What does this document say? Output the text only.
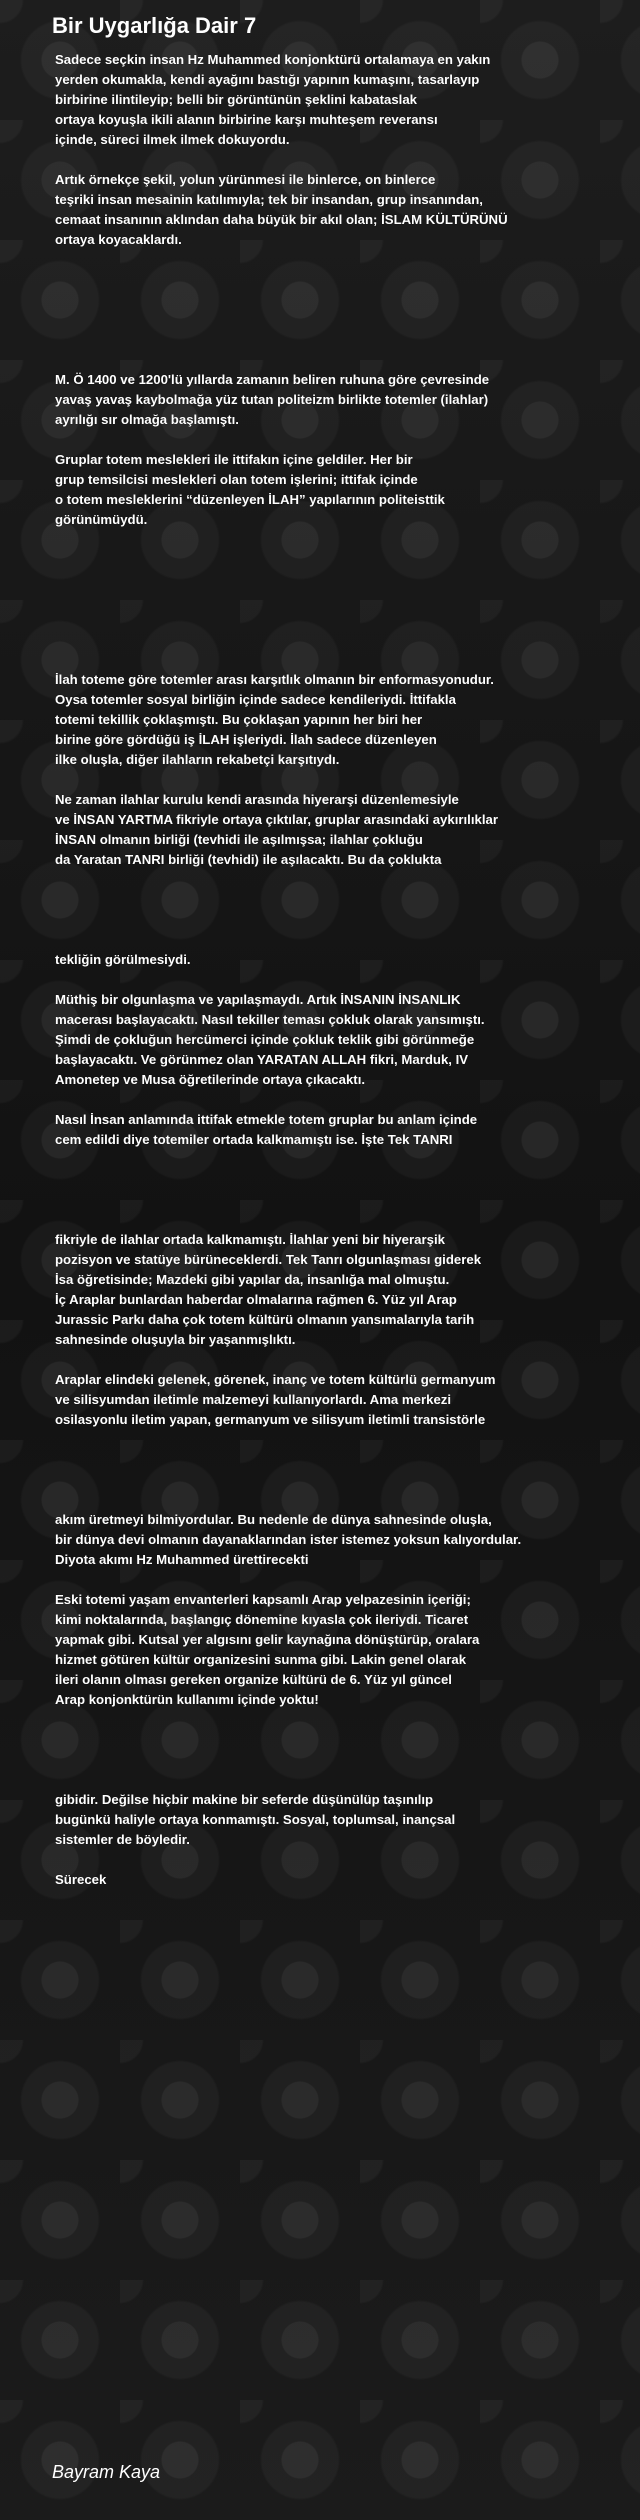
Bir Uygarlığa Dair 7
Sadece seçkin insan Hz Muhammed konjonktürü ortalamaya en yakın
yerden okumakla, kendi ayağını bastığı yapının kumaşını, tasarlayıp
birbirine ilintileyip; belli bir görüntünün şeklini kabataslak
ortaya koyuşla ikili alanın birbirine karşı muhteşem reveransı
içinde, süreci ilmek ilmek dokuyordu.
Artık örnekçe şekil, yolun yürünmesi ile binlerce, on binlerce
teşriki insan mesainin katılımıyla; tek bir insandan, grup insanından,
cemaat insanının aklından daha büyük bir akıl olan; İSLAM KÜLTÜRÜNÜ
ortaya koyacaklardı.
M. Ö 1400 ve 1200'lü yıllarda zamanın beliren ruhuna göre çevresinde
yavaş yavaş kaybolmağa yüz tutan politeizm birlikte totemler (ilahlar)
ayrılığı sır olmağa başlamıştı.
Gruplar totem meslekleri ile ittifakın içine geldiler. Her bir
grup temsilcisi meslekleri olan totem işlerini; ittifak içinde
o totem mesleklerini “düzenleyen İLAH” yapılarının politeisttik
görünümüydü.
İlah toteme göre totemler arası karşıtlık olmanın bir enformasyonudur.
Oysa totemler sosyal birliğin içinde sadece kendileriydi. İttifakla
totemi tekillik çoklaşmıştı. Bu çoklaşan yapının her biri her
birine göre gördüğü iş İLAH işleriydi. İlah sadece düzenleyen
ilke oluşla, diğer ilahların rekabetçi karşıtıydı.
Ne zaman ilahlar kurulu kendi arasında hiyerarşi düzenlemesiyle
ve İNSAN YARTMA fikriyle ortaya çıktılar, gruplar arasındaki aykırılıklar
İNSAN olmanın birliği (tevhidi ile aşılmışsa; ilahlar çokluğu
da Yaratan TANRI birliği (tevhidi) ile aşılacaktı. Bu da çoklukta
tekliğin görülmesiydi.
Müthiş bir olgunlaşma ve yapılaşmaydı. Artık İNSANIN İNSANLIK
macerası başlayacaktı. Nasıl tekiller teması çokluk olarak yansımıştı.
Şimdi de çokluğun hercümerci içinde çokluk teklik gibi görünmeğe
başlayacaktı. Ve görünmez olan YARATAN ALLAH fikri, Marduk, IV
Amonetep ve Musa öğretilerinde ortaya çıkacaktı.
Nasıl İnsan anlamında ittifak etmekle totem gruplar bu anlam içinde
cem edildi diye totemiler ortada kalkmamıştı ise. İşte Tek TANRI
fikriyle de ilahlar ortada kalkmamıştı. İlahlar yeni bir hiyerarşik
pozisyon ve statüye bürüneceklerdi. Tek Tanrı olgunlaşması giderek
İsa öğretisinde; Mazdeki gibi yapılar da, insanlığa mal olmuştu.
İç Araplar bunlardan haberdar olmalarına rağmen 6. Yüz yıl Arap
Jurassic Parkı daha çok totem kültürü olmanın yansımalarıyla tarih
sahnesinde oluşuyla bir yaşanmışlıktı.
Araplar elindeki gelenek, görenek, inanç ve totem kültürlü germanyum
ve silisyumdan iletimle malzemeyi kullanıyorlardı. Ama merkezi
osilasyonlu iletim yapan, germanyum ve silisyum iletimli transistörle
akım üretmeyi bilmiyordular. Bu nedenle de dünya sahnesinde oluşla,
bir dünya devi olmanın dayanaklarından ister istemez yoksun kalıyordular.
Diyota akımı Hz Muhammed ürettirecekti
Eski totemi yaşam envanterleri kapsamlı Arap yelpazesinin içeriği;
kimi noktalarında, başlangıç dönemine kıyasla çok ileriydi. Ticaret
yapmak gibi. Kutsal yer algısını gelir kaynağına dönüştürüp, oralara
hizmet götüren kültür organizesini sunma gibi. Lakin genel olarak
ileri olanın olması gereken organize kültürü de 6. Yüz yıl güncel
Arap konjonktürün kullanımı içinde yoktu!
gibidir. Değilse hiçbir makine bir seferde düşünülüp taşınılıp
bugünkü haliyle ortaya konmamıştı. Sosyal, toplumsal, inançsal
sistemler de böyledir.
Sürecek
Bayram Kaya
